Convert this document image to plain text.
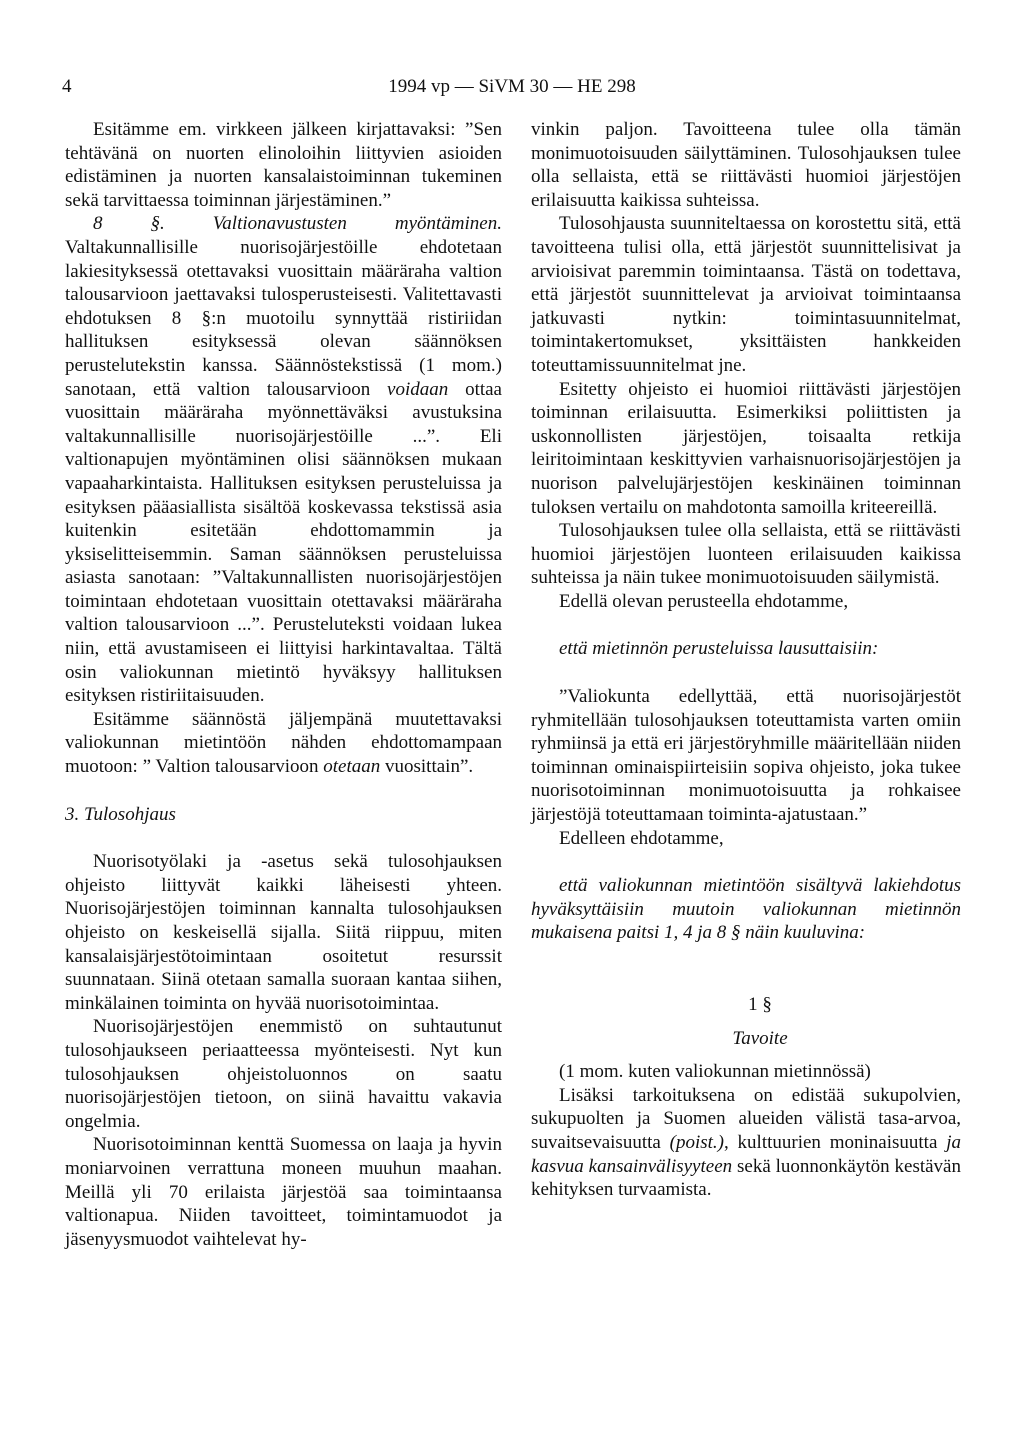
4	1994 vp — SiVM 30 — HE 298

Esitämme em. virkkeen jälkeen kirjattavaksi: ”Sen tehtävänä on nuorten elinoloihin liittyvien asioiden edistäminen ja nuorten kansalaistoiminnan tukeminen sekä tarvittaessa toiminnan järjestäminen.”

8 §. Valtionavustusten myöntäminen. Valtakunnallisille nuorisojärjestöille ehdotetaan lakiesityksessä otettavaksi vuosittain määräraha valtion talousarvioon jaettavaksi tulosperusteisesti. Valitettavasti ehdotuksen 8 §:n muotoilu synnyttää ristiriidan hallituksen esityksessä olevan säännöksen perustelutekstin kanssa. Säännöstekstissä (1 mom.) sanotaan, että valtion talousarvioon voidaan ottaa vuosittain määräraha myönnettäväksi avustuksina valtakunnallisille nuorisojärjestöille ...”. Eli valtionapujen myöntäminen olisi säännöksen mukaan vapaaharkintaista. Hallituksen esityksen perusteluissa ja esityksen pääasiallista sisältöä koskevassa tekstissä asia kuitenkin esitetään ehdottomammin ja yksiselitteisemmin. Saman säännöksen perusteluissa asiasta sanotaan: ”Valtakunnallisten nuorisojärjestöjen toimintaan ehdotetaan vuosittain otettavaksi määräraha valtion talousarvioon ...”. Perusteluteksti voidaan lukea niin, että avustamiseen ei liittyisi harkintavaltaa. Tältä osin valiokunnan mietintö hyväksyy hallituksen esityksen ristiriitaisuuden.

Esitämme säännöstä jäljempänä muutettavaksi valiokunnan mietintöön nähden ehdottomampaan muotoon: ” Valtion talousarvioon otetaan vuosittain”.

3. Tulosohjaus

Nuorisotyölaki ja -asetus sekä tulosohjauksen ohjeisto liittyvät kaikki läheisesti yhteen. Nuorisojärjestöjen toiminnan kannalta tulosohjauksen ohjeisto on keskeisellä sijalla. Siitä riippuu, miten kansalaisjärjestötoimintaan osoitetut resurssit suunnataan. Siinä otetaan samalla suoraan kantaa siihen, minkälainen toiminta on hyvää nuorisotoimintaa.

Nuorisojärjestöjen enemmistö on suhtautunut tulosohjaukseen periaatteessa myönteisesti. Nyt kun tulosohjauksen ohjeistoluonnos on saatu nuorisojärjestöjen tietoon, on siinä havaittu vakavia ongelmia.

Nuorisotoiminnan kenttä Suomessa on laaja ja hyvin moniarvoinen verrattuna moneen muuhun maahan. Meillä yli 70 erilaista järjestöä saa toimintaansa valtionapua. Niiden tavoitteet, toimintamuodot ja jäsenyysmuodot vaihtelevat hy-

vinkin paljon. Tavoitteena tulee olla tämän monimuotoisuuden säilyttäminen. Tulosohjauksen tulee olla sellaista, että se riittävästi huomioi järjestöjen erilaisuutta kaikissa suhteissa.

Tulosohjausta suunniteltaessa on korostettu sitä, että tavoitteena tulisi olla, että järjestöt suunnittelisivat ja arvioisivat paremmin toimintaansa. Tästä on todettava, että järjestöt suunnittelevat ja arvioivat toimintaansa jatkuvasti nytkin: toimintasuunnitelmat, toimintakertomukset, yksittäisten hankkeiden toteuttamissuunnitelmat jne.

Esitetty ohjeisto ei huomioi riittävästi järjestöjen toiminnan erilaisuutta. Esimerkiksi poliittisten ja uskonnollisten järjestöjen, toisaalta retkija leiritoimintaan keskittyvien varhaisnuorisojärjestöjen ja nuorison palvelujärjestöjen keskinäinen toiminnan tuloksen vertailu on mahdotonta samoilla kriteereillä.

Tulosohjauksen tulee olla sellaista, että se riittävästi huomioi järjestöjen luonteen erilaisuuden kaikissa suhteissa ja näin tukee monimuotoisuuden säilymistä.

Edellä olevan perusteella ehdotamme,

että mietinnön perusteluissa lausuttaisiin:

”Valiokunta edellyttää, että nuorisojärjestöt ryhmitellään tulosohjauksen toteuttamista varten omiin ryhmiinsä ja että eri järjestöryhmille määritellään niiden toiminnan ominaispiirteisiin sopiva ohjeisto, joka tukee nuorisotoiminnan monimuotoisuutta ja rohkaisee järjestöjä toteuttamaan toiminta-ajatustaan.”

Edelleen ehdotamme,

että valiokunnan mietintöön sisältyvä lakiehdotus hyväksyttäisiin muutoin valiokunnan mietinnön mukaisena paitsi 1, 4 ja 8 § näin kuuluvina:

1 §

Tavoite

(1 mom. kuten valiokunnan mietinnössä)

Lisäksi tarkoituksena on edistää sukupolvien, sukupuolten ja Suomen alueiden välistä tasa-arvoa, suvaitsevaisuutta (poist.), kulttuurien moninaisuutta ja kasvua kansainvälisyyteen sekä luonnonkäytön kestävän kehityksen turvaamista.
